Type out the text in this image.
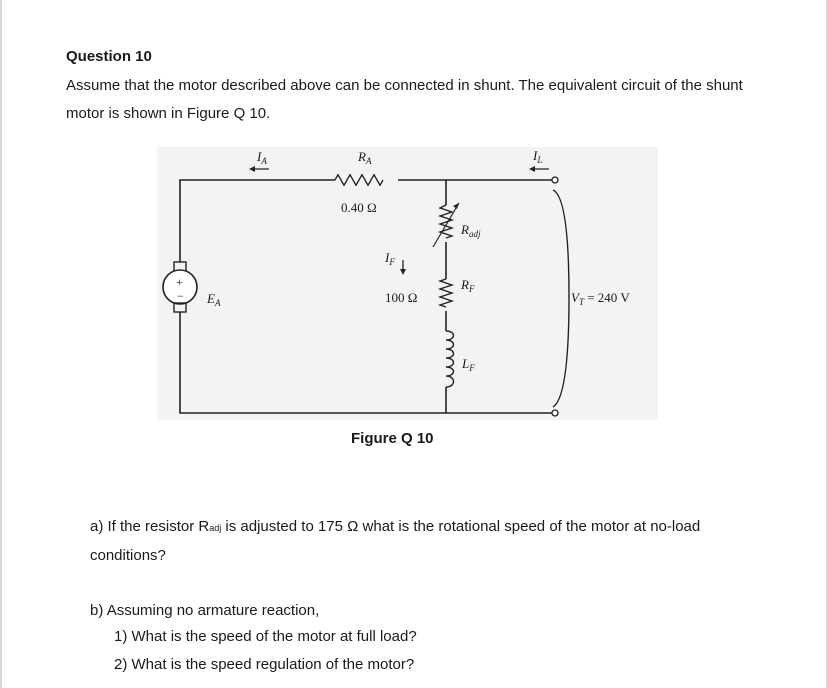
Question 10
Assume that the motor described above can be connected in shunt. The equivalent circuit of the shunt motor is shown in Figure Q 10.
$I_A$	$R_A$
0.40 Ω
$I_L$
$R_{adj}$
$I_F$
$R_F$
100 Ω
$L_F$
$E_A$
+
−	$V_T = 240$ V
Figure Q 10
a) If the resistor Radj is adjusted to 175 Ω what is the rotational speed of the motor at no-load conditions?
b) Assuming no armature reaction,
1) What is the speed of the motor at full load?
2) What is the speed regulation of the motor?
